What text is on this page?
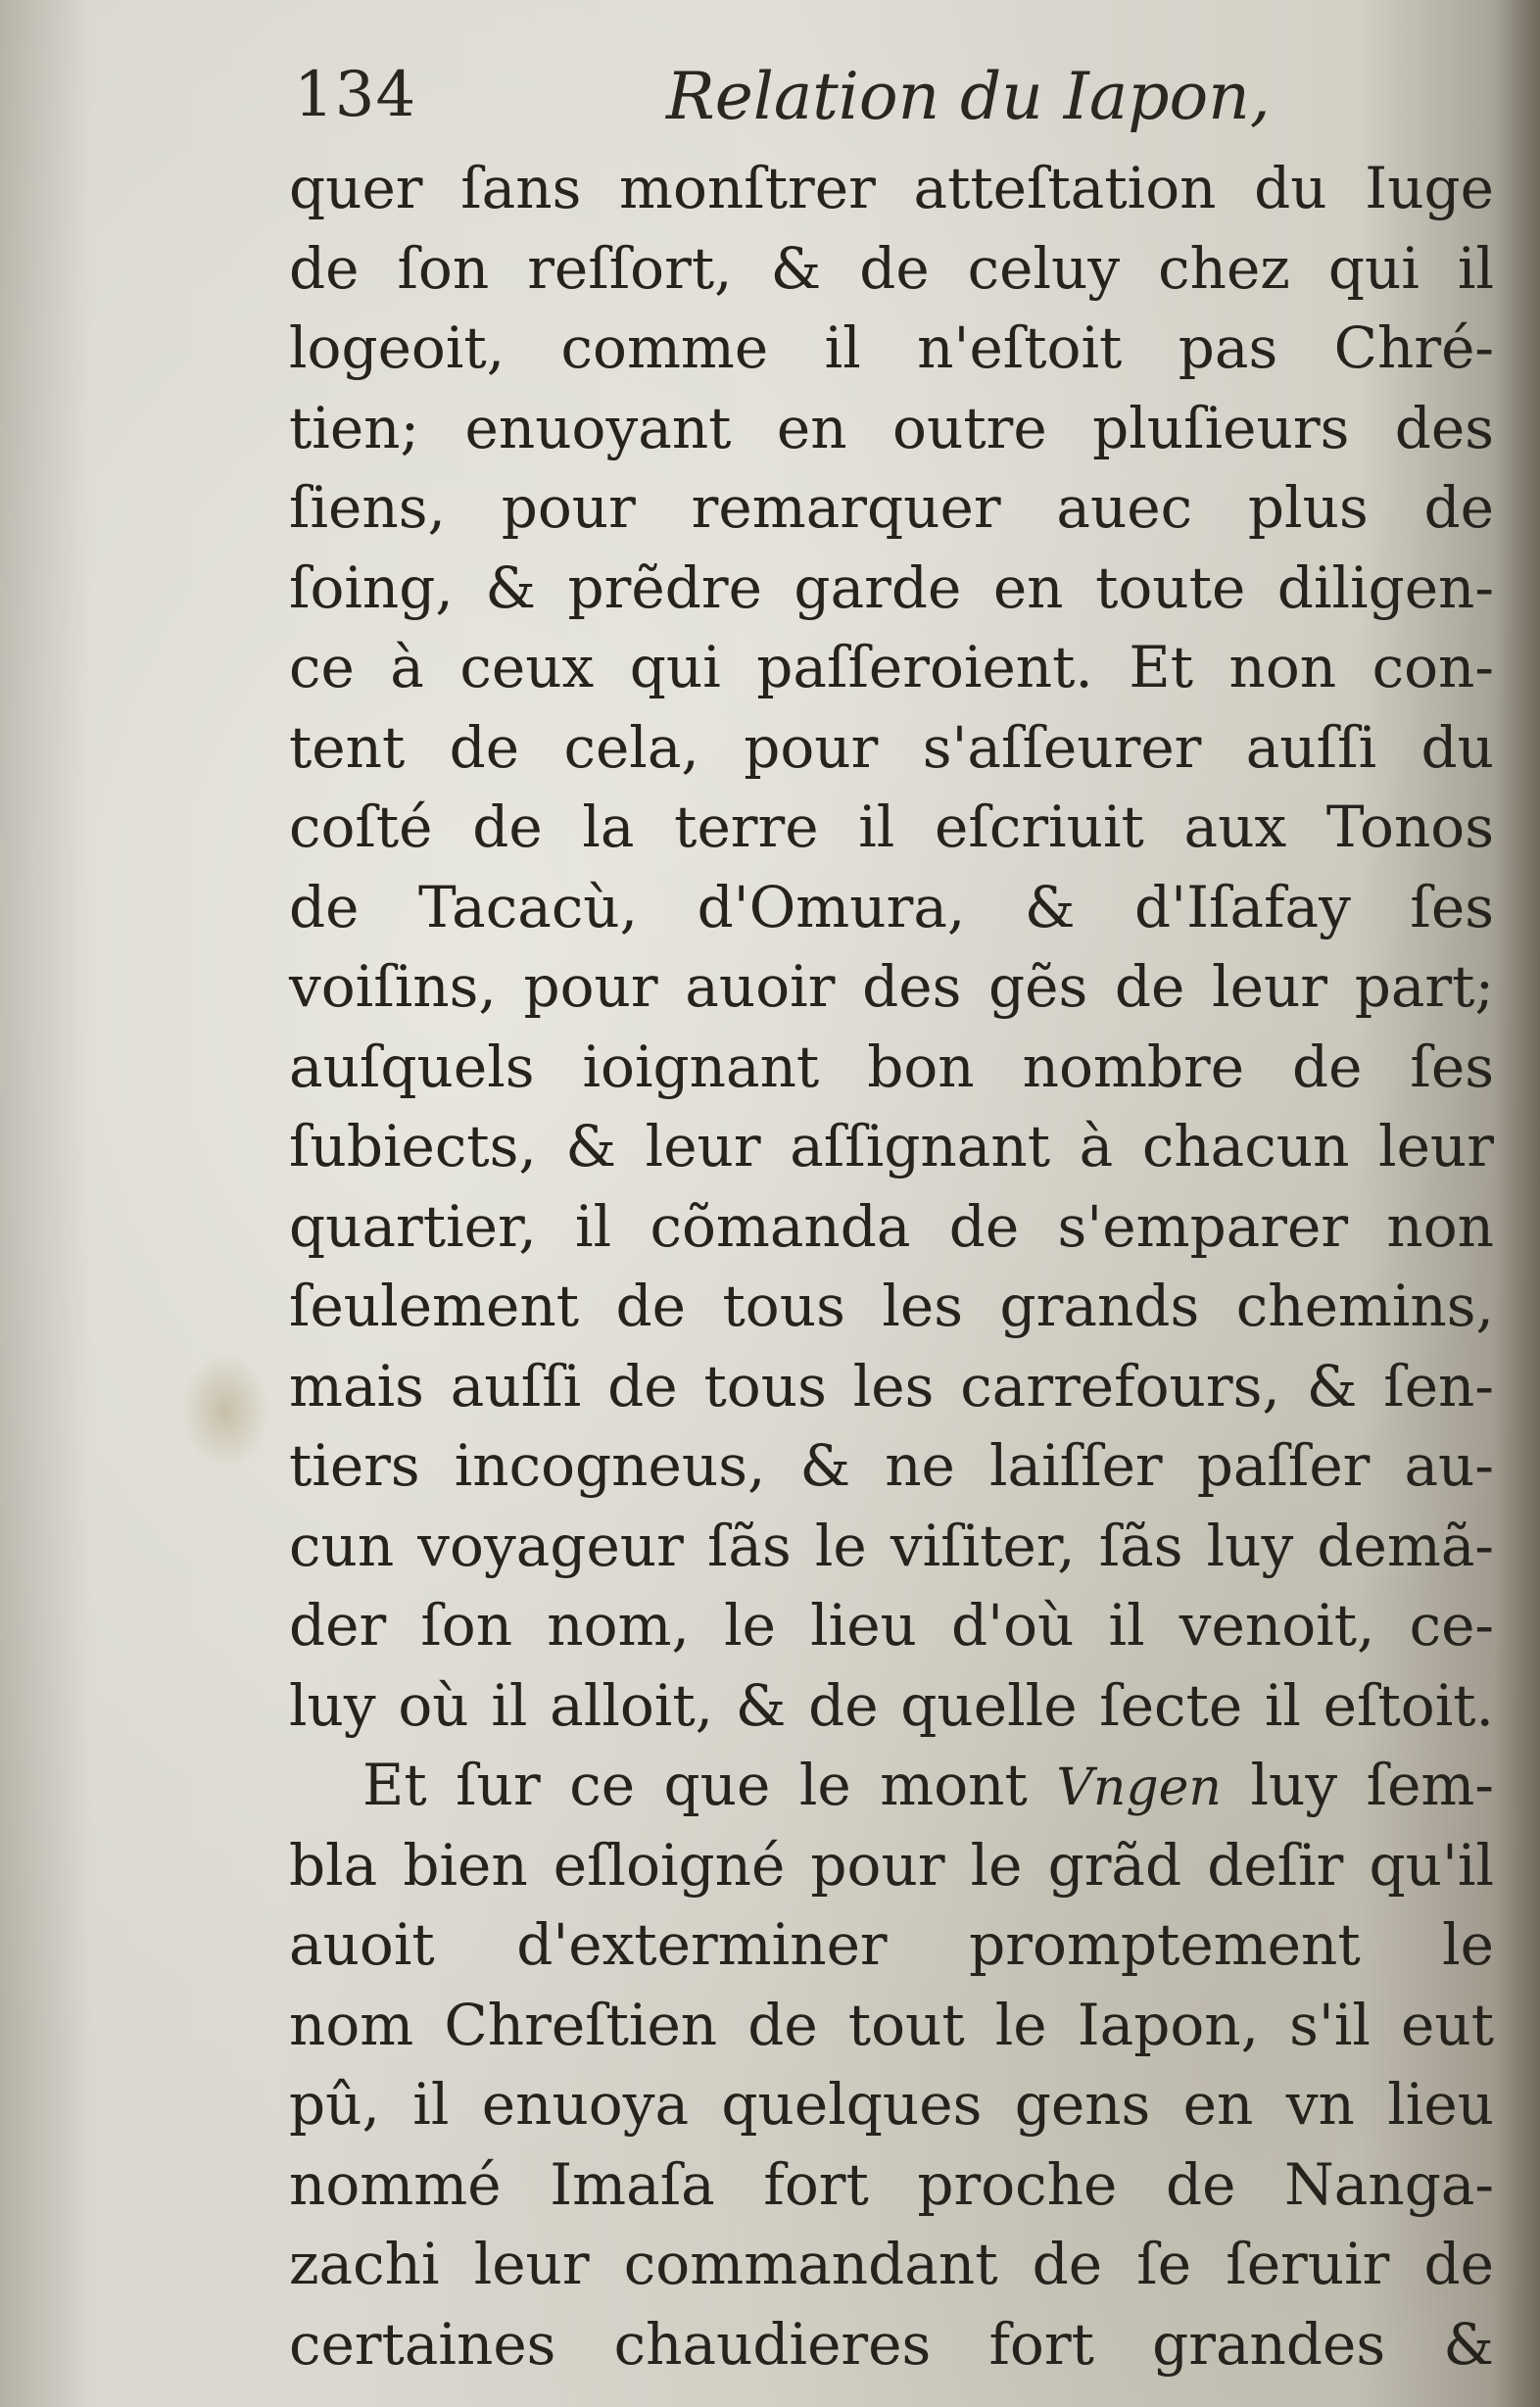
134	Relation du Iapon,
quer ſans monſtrer atteſtation du Iuge
de ſon reſſort, & de celuy chez qui il
logeoit, comme il n'eſtoit pas Chré-
tien; enuoyant en outre pluſieurs des
ſiens, pour remarquer auec plus de
ſoing, & prẽdre garde en toute diligen-
ce à ceux qui paſſeroient. Et non con-
tent de cela, pour s'aſſeurer auſſi du
coſté de la terre il eſcriuit aux Tonos
de Tacacù, d'Omura, & d'Iſafay ſes
voiſins, pour auoir des gẽs de leur part;
auſquels ioignant bon nombre de ſes
ſubiects, & leur aſſignant à chacun leur
quartier, il cõmanda de s'emparer non
ſeulement de tous les grands chemins,
mais auſſi de tous les carrefours, & ſen-
tiers incogneus, & ne laiſſer paſſer au-
cun voyageur ſãs le viſiter, ſãs luy demã-
der ſon nom, le lieu d'où il venoit, ce-
luy où il alloit, & de quelle ſecte il eſtoit.
Et ſur ce que le mont Vngen luy ſem-
bla bien eſloigné pour le grãd deſir qu'il
auoit d'exterminer promptement le
nom Chreſtien de tout le Iapon, s'il eut
pû, il enuoya quelques gens en vn lieu
nommé Imaſa fort proche de Nanga-
zachi leur commandant de ſe ſeruir de
certaines chaudieres fort grandes &
